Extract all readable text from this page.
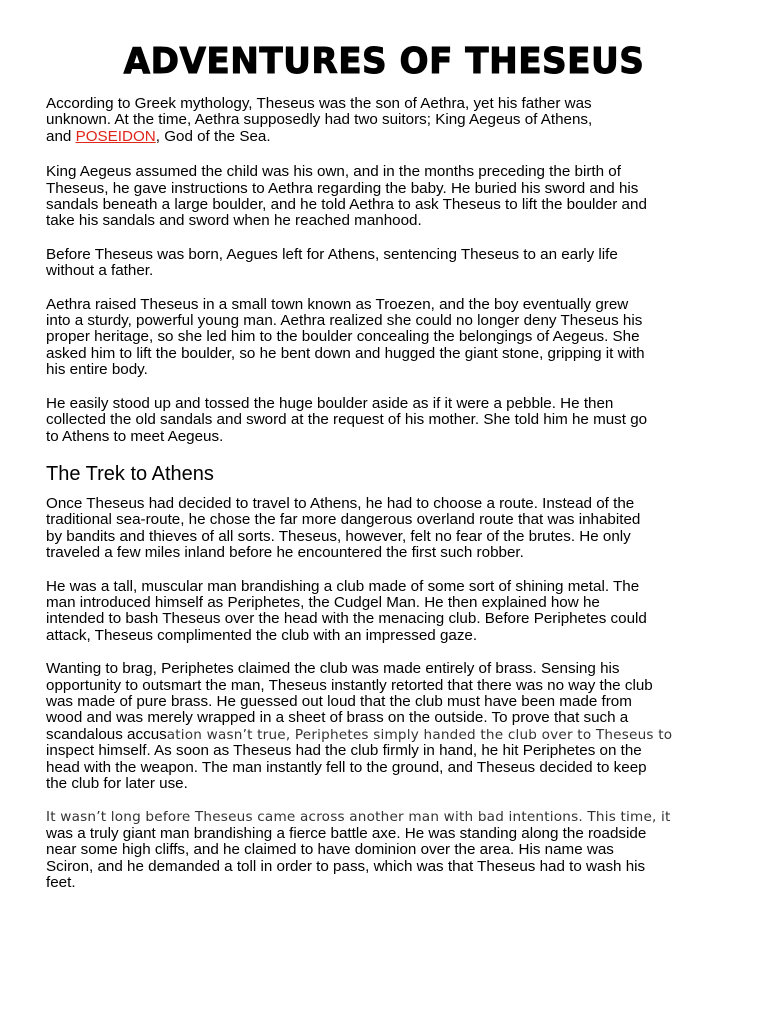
ADVENTURES OF THESEUS

According to Greek mythology, Theseus was the son of Aethra, yet his father was
unknown. At the time, Aethra supposedly had two suitors; King Aegeus of Athens,
and POSEIDON, God of the Sea.

King Aegeus assumed the child was his own, and in the months preceding the birth of
Theseus, he gave instructions to Aethra regarding the baby. He buried his sword and his
sandals beneath a large boulder, and he told Aethra to ask Theseus to lift the boulder and
take his sandals and sword when he reached manhood.

Before Theseus was born, Aegues left for Athens, sentencing Theseus to an early life
without a father.

Aethra raised Theseus in a small town known as Troezen, and the boy eventually grew
into a sturdy, powerful young man. Aethra realized she could no longer deny Theseus his
proper heritage, so she led him to the boulder concealing the belongings of Aegeus. She
asked him to lift the boulder, so he bent down and hugged the giant stone, gripping it with
his entire body.

He easily stood up and tossed the huge boulder aside as if it were a pebble. He then
collected the old sandals and sword at the request of his mother. She told him he must go
to Athens to meet Aegeus.

The Trek to Athens

Once Theseus had decided to travel to Athens, he had to choose a route. Instead of the
traditional sea-route, he chose the far more dangerous overland route that was inhabited
by bandits and thieves of all sorts. Theseus, however, felt no fear of the brutes. He only
traveled a few miles inland before he encountered the first such robber.

He was a tall, muscular man brandishing a club made of some sort of shining metal. The
man introduced himself as Periphetes, the Cudgel Man. He then explained how he
intended to bash Theseus over the head with the menacing club. Before Periphetes could
attack, Theseus complimented the club with an impressed gaze.

Wanting to brag, Periphetes claimed the club was made entirely of brass. Sensing his
opportunity to outsmart the man, Theseus instantly retorted that there was no way the club
was made of pure brass. He guessed out loud that the club must have been made from
wood and was merely wrapped in a sheet of brass on the outside. To prove that such a
scandalous accusation wasn’t true, Periphetes simply handed the club over to Theseus to
inspect himself. As soon as Theseus had the club firmly in hand, he hit Periphetes on the
head with the weapon. The man instantly fell to the ground, and Theseus decided to keep
the club for later use.

It wasn’t long before Theseus came across another man with bad intentions. This time, it
was a truly giant man brandishing a fierce battle axe. He was standing along the roadside
near some high cliffs, and he claimed to have dominion over the area. His name was
Sciron, and he demanded a toll in order to pass, which was that Theseus had to wash his
feet.
